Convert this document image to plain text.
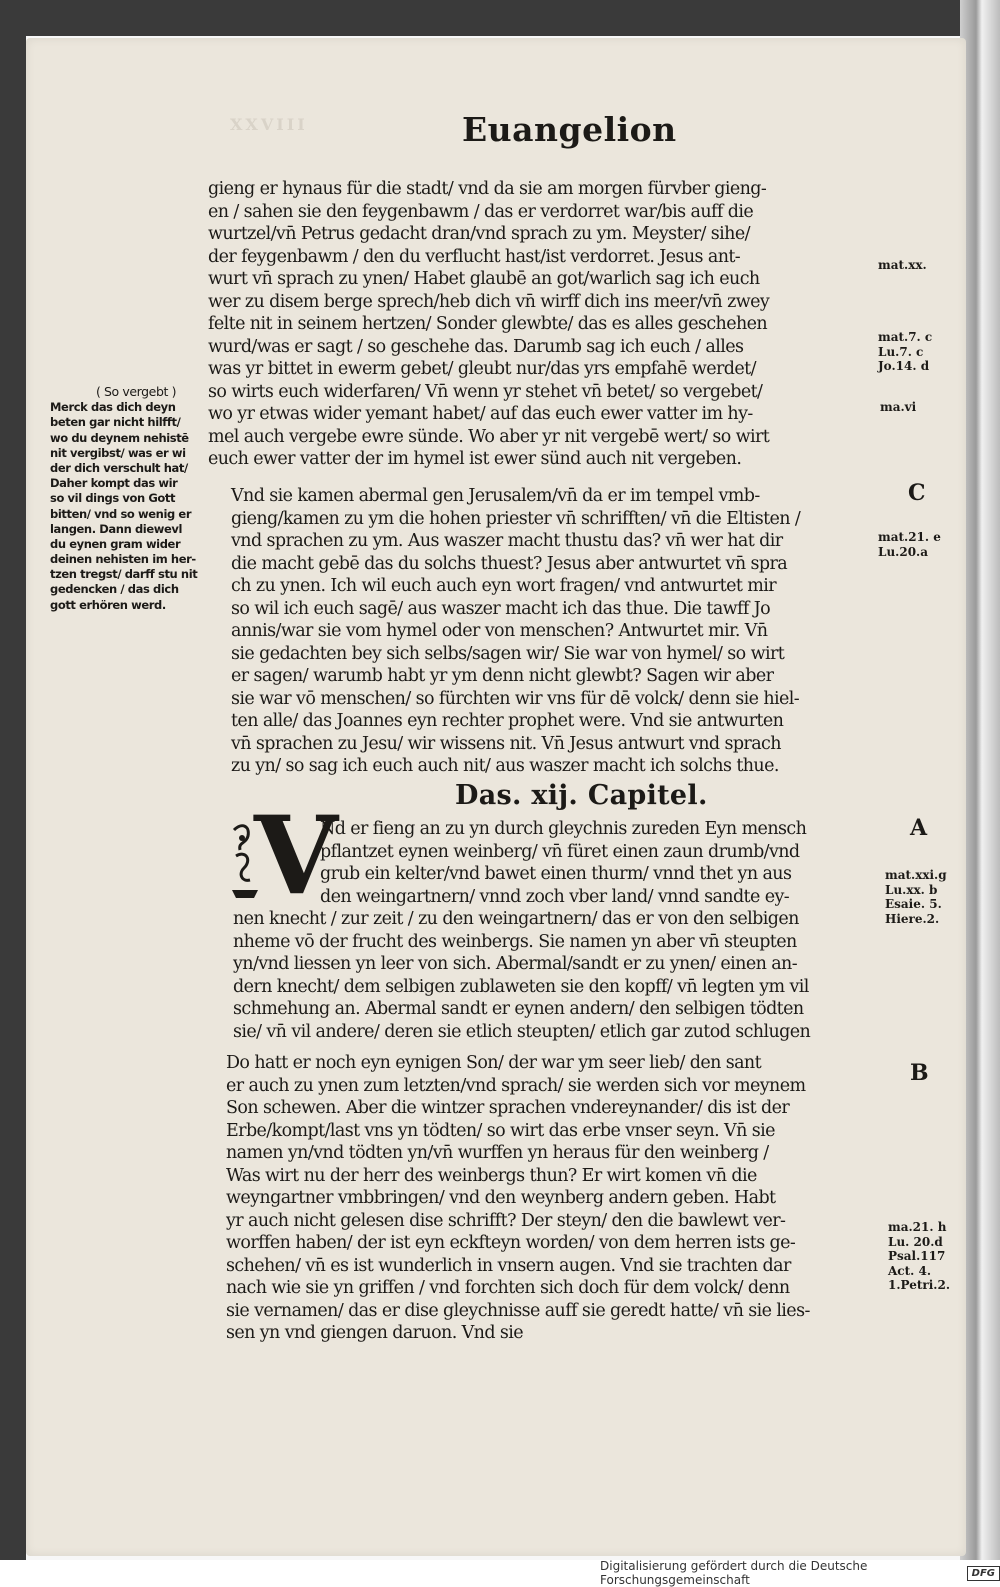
XXVIII	Euangelion
gieng er hynaus für die stadt/ vnd da sie am morgen fürvber gieng-
en / sahen sie den feygenbawm / das er verdorret war/bis auff die
wurtzel/vn̄ Petrus gedacht dran/vnd sprach zu ym. Meyster/ sihe/
der feygenbawm / den du verflucht hast/ist verdorret. Jesus ant-
wurt vn̄ sprach zu ynen/ Habet glaubē an got/warlich sag ich euch
wer zu disem berge sprech/heb dich vn̄ wirff dich ins meer/vn̄ zwey
felte nit in seinem hertzen/ Sonder glewbte/ das es alles geschehen
wurd/was er sagt / so geschehe das. Darumb sag ich euch / alles
was yr bittet in ewerm gebet/ gleubt nur/das yrs empfahē werdet/
so wirts euch widerfaren/ Vn̄ wenn yr stehet vn̄ betet/ so vergebet/
wo yr etwas wider yemant habet/ auf das euch ewer vatter im hy-
mel auch vergebe ewre sünde. Wo aber yr nit vergebē wert/ so wirt
euch ewer vatter der im hymel ist ewer sünd auch nit vergeben.
Vnd sie kamen abermal gen Jerusalem/vn̄ da er im tempel vmb-
gieng/kamen zu ym die hohen priester vn̄ schrifften/ vn̄ die Eltisten /
vnd sprachen zu ym. Aus waszer macht thustu das? vn̄ wer hat dir
die macht gebē das du solchs thuest? Jesus aber antwurtet vn̄ spra
ch zu ynen. Ich wil euch auch eyn wort fragen/ vnd antwurtet mir
so wil ich euch sagē/ aus waszer macht ich das thue. Die tawff Jo
annis/war sie vom hymel oder von menschen? Antwurtet mir. Vn̄
sie gedachten bey sich selbs/sagen wir/ Sie war von hymel/ so wirt
er sagen/ warumb habt yr ym denn nicht glewbt? Sagen wir aber
sie war vō menschen/ so fürchten wir vns für dē volck/ denn sie hiel-
ten alle/ das Joannes eyn rechter prophet were. Vnd sie antwurten
vn̄ sprachen zu Jesu/ wir wissens nit. Vn̄ Jesus antwurt vnd sprach
zu yn/ so sag ich euch auch nit/ aus waszer macht ich solchs thue.
Das. xij. Capitel.
V
Nd er fieng an zu yn durch gleychnis zureden Eyn mensch
pflantzet eynen weinberg/ vn̄ füret einen zaun drumb/vnd
grub ein kelter/vnd bawet einen thurm/ vnnd thet yn aus
den weingartnern/ vnnd zoch vber land/ vnnd sandte ey-
nen knecht / zur zeit / zu den weingartnern/ das er von den selbigen
nheme vō der frucht des weinbergs. Sie namen yn aber vn̄ steupten
yn/vnd liessen yn leer von sich. Abermal/sandt er zu ynen/ einen an-
dern knecht/ dem selbigen zublaweten sie den kopff/ vn̄ legten ym vil
schmehung an. Abermal sandt er eynen andern/ den selbigen tödten
sie/ vn̄ vil andere/ deren sie etlich steupten/ etlich gar zutod schlugen
Do hatt er noch eyn eynigen Son/ der war ym seer lieb/ den sant
er auch zu ynen zum letzten/vnd sprach/ sie werden sich vor meynem
Son schewen. Aber die wintzer sprachen vndereynander/ dis ist der
Erbe/kompt/last vns yn tödten/ so wirt das erbe vnser seyn. Vn̄ sie
namen yn/vnd tödten yn/vn̄ wurffen yn heraus für den weinberg /
Was wirt nu der herr des weinbergs thun? Er wirt komen vn̄ die
weyngartner vmbbringen/ vnd den weynberg andern geben. Habt
yr auch nicht gelesen dise schrifft? Der steyn/ den die bawlewt ver-
worffen haben/ der ist eyn eckfteyn worden/ von dem herren ists ge-
schehen/ vn̄ es ist wunderlich in vnsern augen. Vnd sie trachten dar
nach wie sie yn griffen / vnd forchten sich doch für dem volck/ denn
sie vernamen/ das er dise gleychnisse auff sie geredt hatte/ vn̄ sie lies-
sen yn vnd giengen daruon. Vnd sie
( So vergebt )
Merck das dich deyn
beten gar nicht hilfft/
wo du deynem nehistē
nit vergibst/ was er wi
der dich verschult hat/
Daher kompt das wir
so vil dings von Gott
bitten/ vnd so wenig er
langen. Dann diewevl
du eynen gram wider
deinen nehisten im her-
tzen tregst/ darff stu nit
gedencken / das dich
gott erhören werd.
mat.xx.
mat.7. c
Lu.7. c
Jo.14. d
ma.vi
mat.21. e
Lu.20.a
mat.xxi.g
Lu.xx. b
Esaie. 5.
Hiere.2.
ma.21. h
Lu. 20.d
Psal.117
Act. 4.
1.Petri.2.
C
A
B
Digitalisierung gefördert durch die Deutsche Forschungsgemeinschaft	DFG
